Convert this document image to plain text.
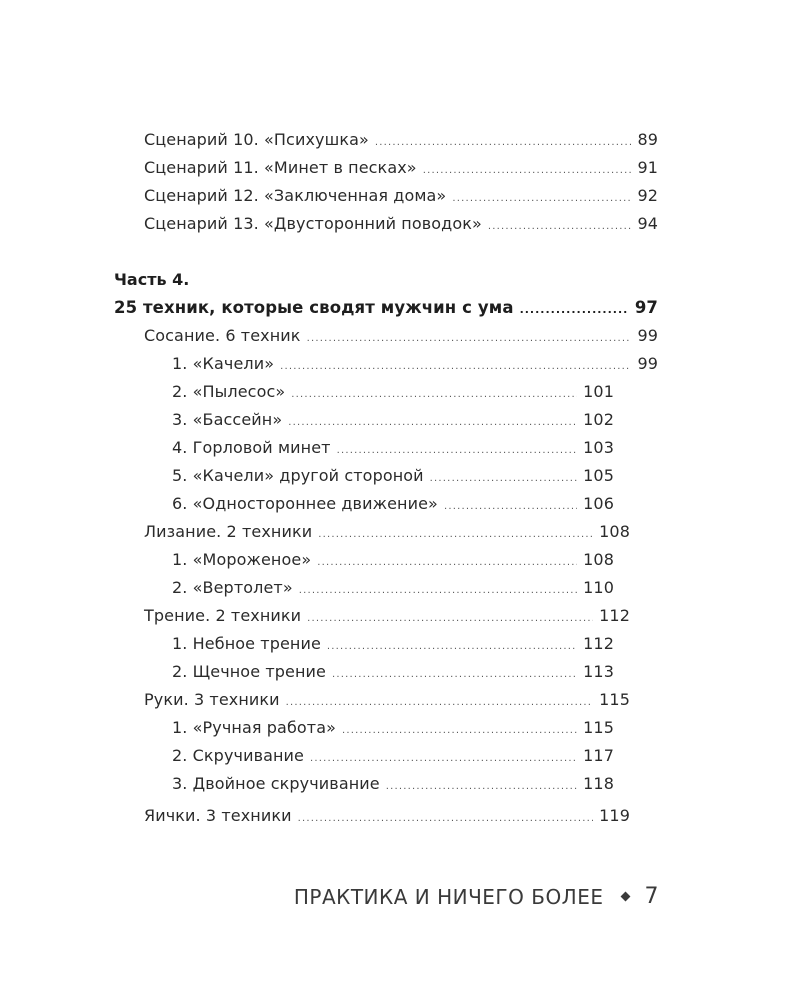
Сценарий 10. «Психушка» .....	89
Сценарий 11. «Минет в песках» .....	91
Сценарий 12. «Заключенная дома» .....	92
Сценарий 13. «Двусторонний поводок» .....	94
Часть 4.
25 техник, которые сводят мужчин с ума .....	97
Сосание. 6 техник .....	99
1. «Качели» .....	99
2. «Пылесос» .....	101
3. «Бассейн» .....	102
4. Горловой минет .....	103
5. «Качели» другой стороной .....	105
6. «Одностороннее движение» .....	106
Лизание. 2 техники .....	108
1. «Мороженое» .....	108
2. «Вертолет» .....	110
Трение. 2 техники .....	112
1. Небное трение .....	112
2. Щечное трение .....	113
Руки. 3 техники .....	115
1. «Ручная работа» .....	115
2. Скручивание .....	117
3. Двойное скручивание .....	118
Яички. 3 техники .....	119
ПРАКТИКА И НИЧЕГО БОЛЕЕ 7
